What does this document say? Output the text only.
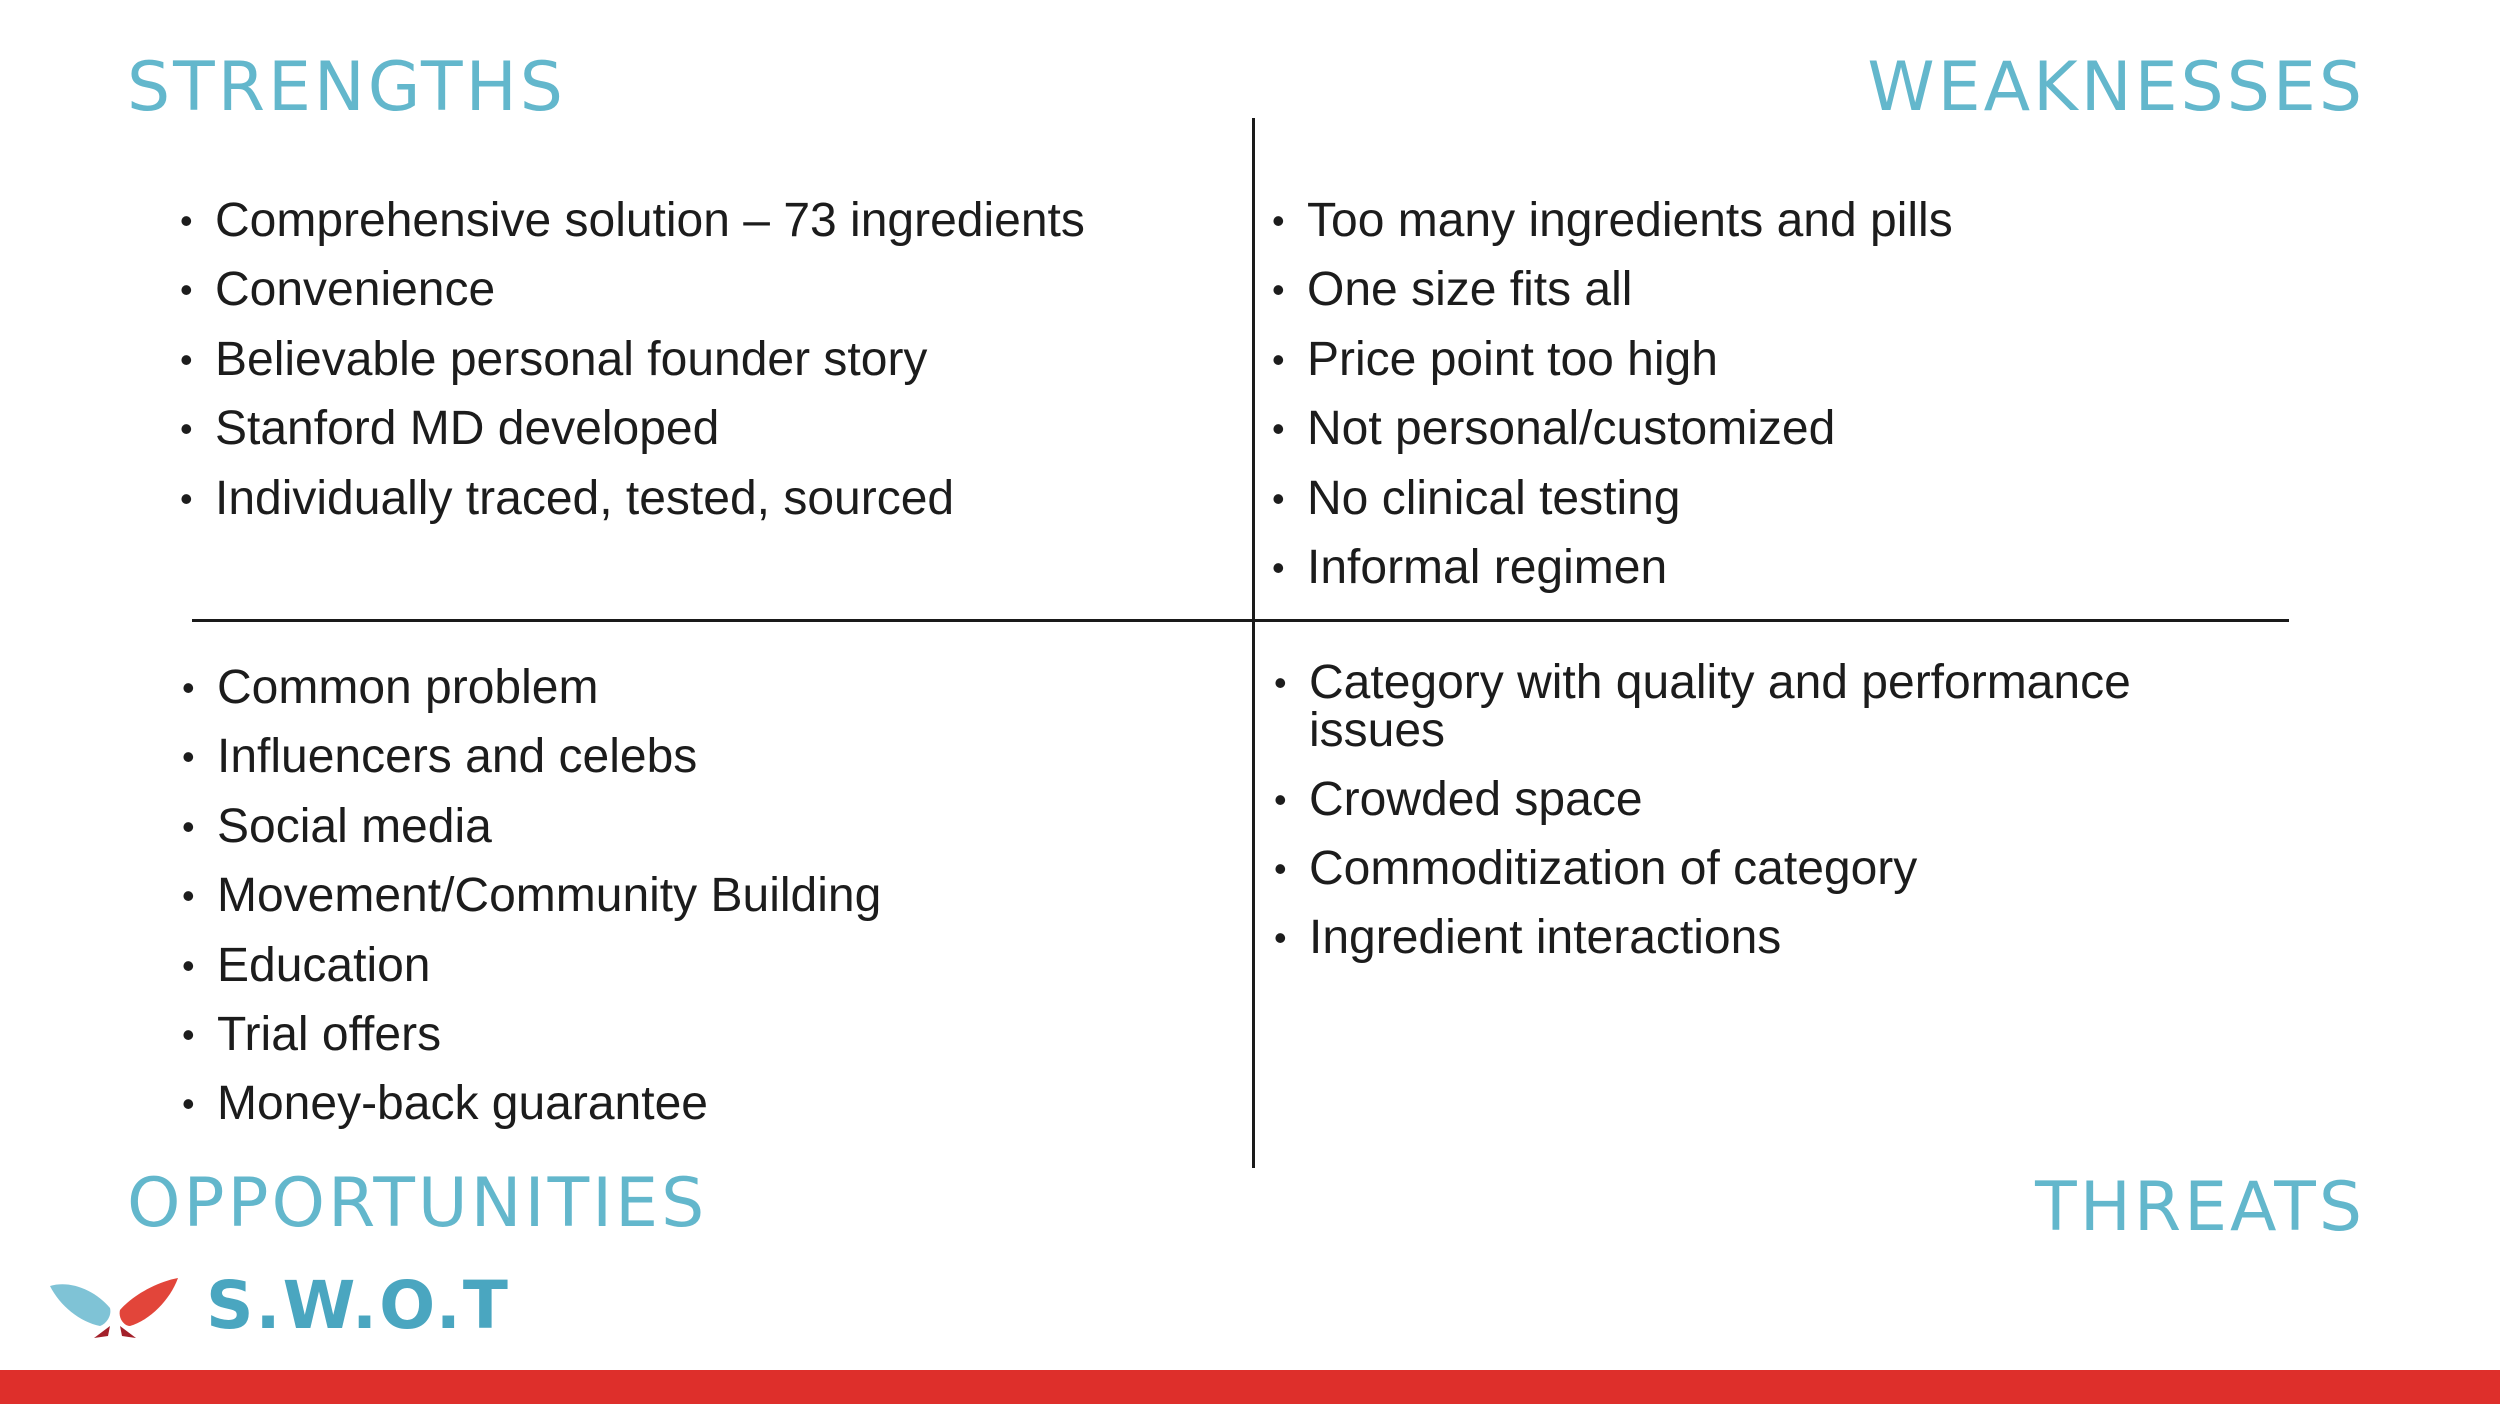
STRENGTHS	WEAKNESSES
OPPORTUNITIES	THREATS
• Comprehensive solution – 73 ingredients
• Convenience
• Believable personal founder story
• Stanford MD developed
• Individually traced, tested, sourced
• Too many ingredients and pills
• One size fits all
• Price point too high
• Not personal/customized
• No clinical testing
• Informal regimen
• Common problem
• Influencers and celebs
• Social media
• Movement/Community Building
• Education
• Trial offers
• Money-back guarantee
• Category with quality and performance issues
• Crowded space
• Commoditization of category
• Ingredient interactions
S.W.O.T
